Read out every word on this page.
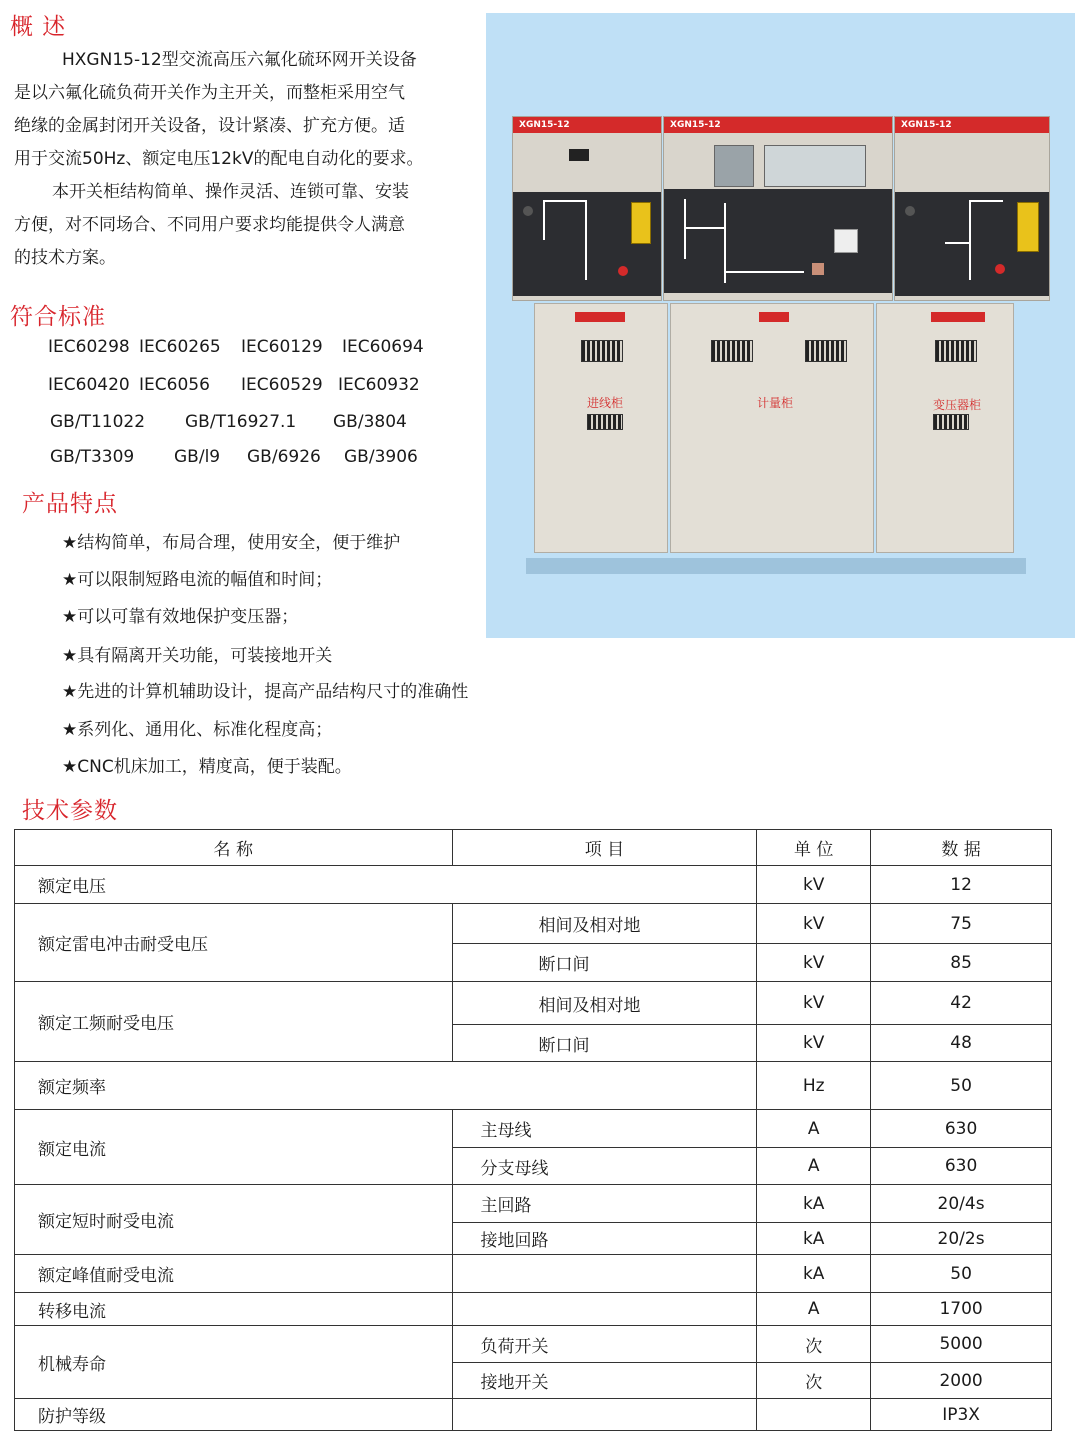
概 述
符合标准
产品特点
技术参数
HXGN15-12型交流高压六氟化硫环网开关设备
是以六氟化硫负荷开关作为主开关，而整柜采用空气
绝缘的金属封闭开关设备，设计紧凑、扩充方便。适
用于交流50Hz、额定电压12kV的配电自动化的要求。
本开关柜结构简单、操作灵活、连锁可靠、安装
方便，对不同场合、不同用户要求均能提供令人满意
的技术方案。
IEC60298 IEC60265 IEC60129 IEC60694
IEC60420 IEC6056 IEC60529 IEC60932
GB/T11022 GB/T16927.1 GB/3804
GB/T3309 GB/l9 GB/6926 GB/3906
★结构简单，布局合理，使用安全，便于维护
★可以限制短路电流的幅值和时间；
★可以可靠有效地保护变压器；
★具有隔离开关功能，可装接地开关
★先进的计算机辅助设计，提高产品结构尺寸的准确性
★系列化、通用化、标准化程度高；
★CNC机床加工，精度高，便于装配。
XGN15-12	XGN15-12	XGN15-12
进线柜	计量柜	变压器柜
名 称	项 目	单 位	数 据
额定电压		kV	12
额定雷电冲击耐受电压	相间及相对地	kV	75
	断口间	kV	85
额定工频耐受电压	相间及相对地	kV	42
	断口间	kV	48
额定频率		Hz	50
额定电流	主母线	A	630
	分支母线	A	630
额定短时耐受电流	主回路	kA	20/4s
	接地回路	kA	20/2s
额定峰值耐受电流		kA	50
转移电流		A	1700
机械寿命	负荷开关	次	5000
	接地开关	次	2000
防护等级			IP3X
